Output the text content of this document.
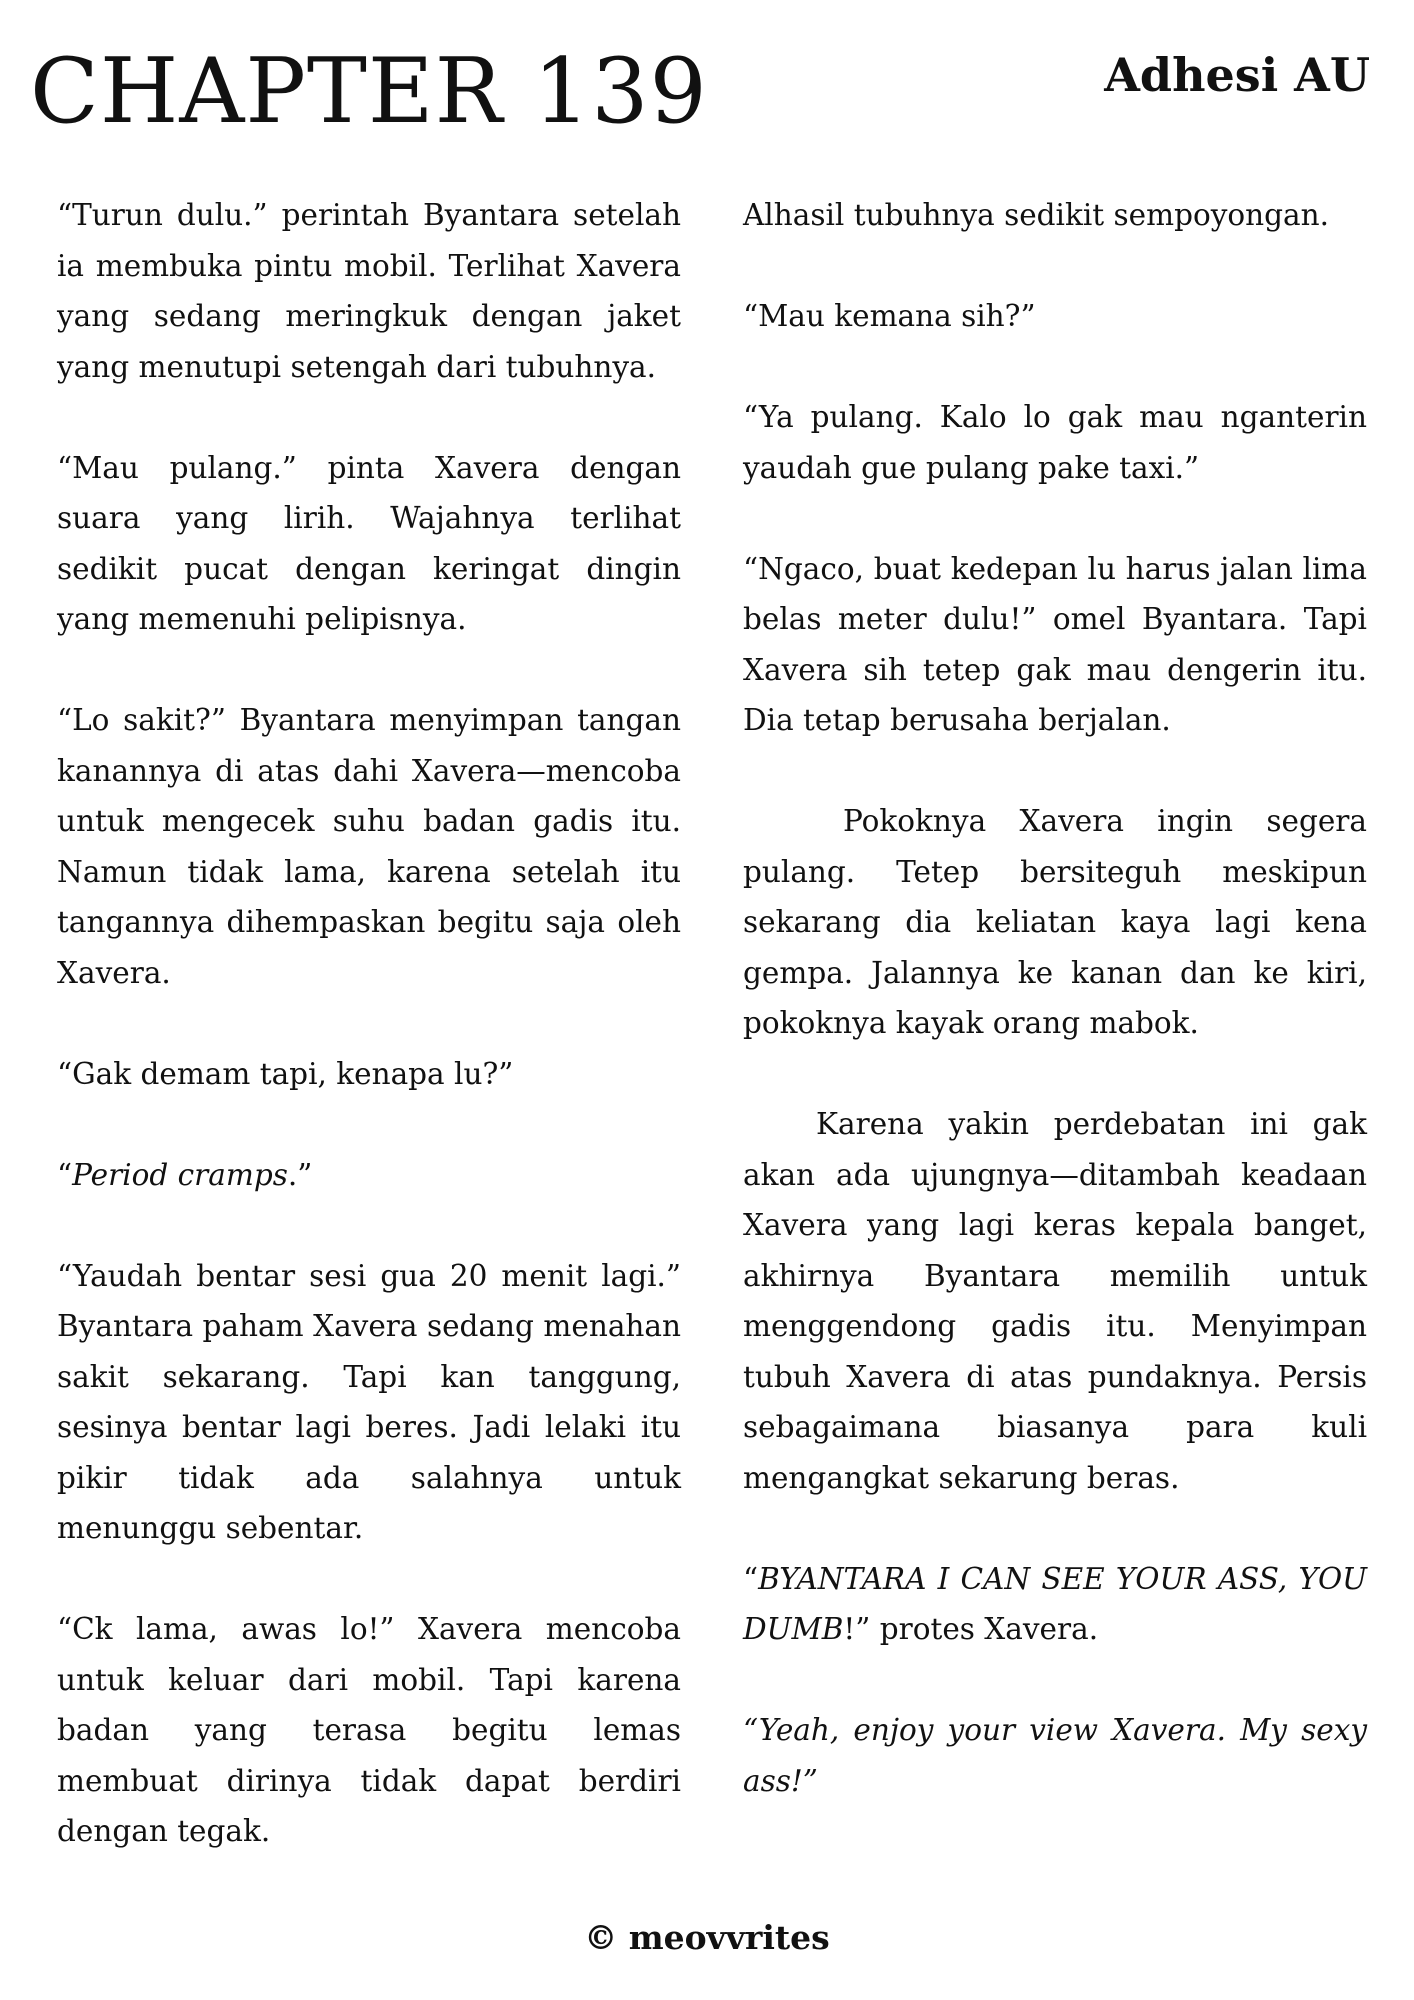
CHAPTER 139	Adhesi AU

“Turun dulu.” perintah Byantara setelah ia membuka pintu mobil. Terlihat Xavera yang sedang meringkuk dengan jaket yang menutupi setengah dari tubuhnya.

“Mau pulang.” pinta Xavera dengan suara yang lirih. Wajahnya terlihat sedikit pucat dengan keringat dingin yang memenuhi pelipisnya.

“Lo sakit?” Byantara menyimpan tangan kanannya di atas dahi Xavera—mencoba untuk mengecek suhu badan gadis itu. Namun tidak lama, karena setelah itu tangannya dihempaskan begitu saja oleh Xavera.

“Gak demam tapi, kenapa lu?”

“Period cramps.”

“Yaudah bentar sesi gua 20 menit lagi.” Byantara paham Xavera sedang menahan sakit sekarang. Tapi kan tanggung, sesinya bentar lagi beres. Jadi lelaki itu pikir tidak ada salahnya untuk menunggu sebentar.

“Ck lama, awas lo!” Xavera mencoba untuk keluar dari mobil. Tapi karena badan yang terasa begitu lemas membuat dirinya tidak dapat berdiri dengan tegak.

Alhasil tubuhnya sedikit sempoyongan.

“Mau kemana sih?”

“Ya pulang. Kalo lo gak mau nganterin yaudah gue pulang pake taxi.”

“Ngaco, buat kedepan lu harus jalan lima belas meter dulu!” omel Byantara. Tapi Xavera sih tetep gak mau dengerin itu. Dia tetap berusaha berjalan.

Pokoknya Xavera ingin segera pulang. Tetep bersiteguh meskipun sekarang dia keliatan kaya lagi kena gempa. Jalannya ke kanan dan ke kiri, pokoknya kayak orang mabok.

Karena yakin perdebatan ini gak akan ada ujungnya—ditambah keadaan Xavera yang lagi keras kepala banget, akhirnya Byantara memilih untuk menggendong gadis itu. Menyimpan tubuh Xavera di atas pundaknya. Persis sebagaimana biasanya para kuli mengangkat sekarung beras.

“BYANTARA I CAN SEE YOUR ASS, YOU DUMB!” protes Xavera.

“Yeah, enjoy your view Xavera. My sexy ass!”

© meovvrites
